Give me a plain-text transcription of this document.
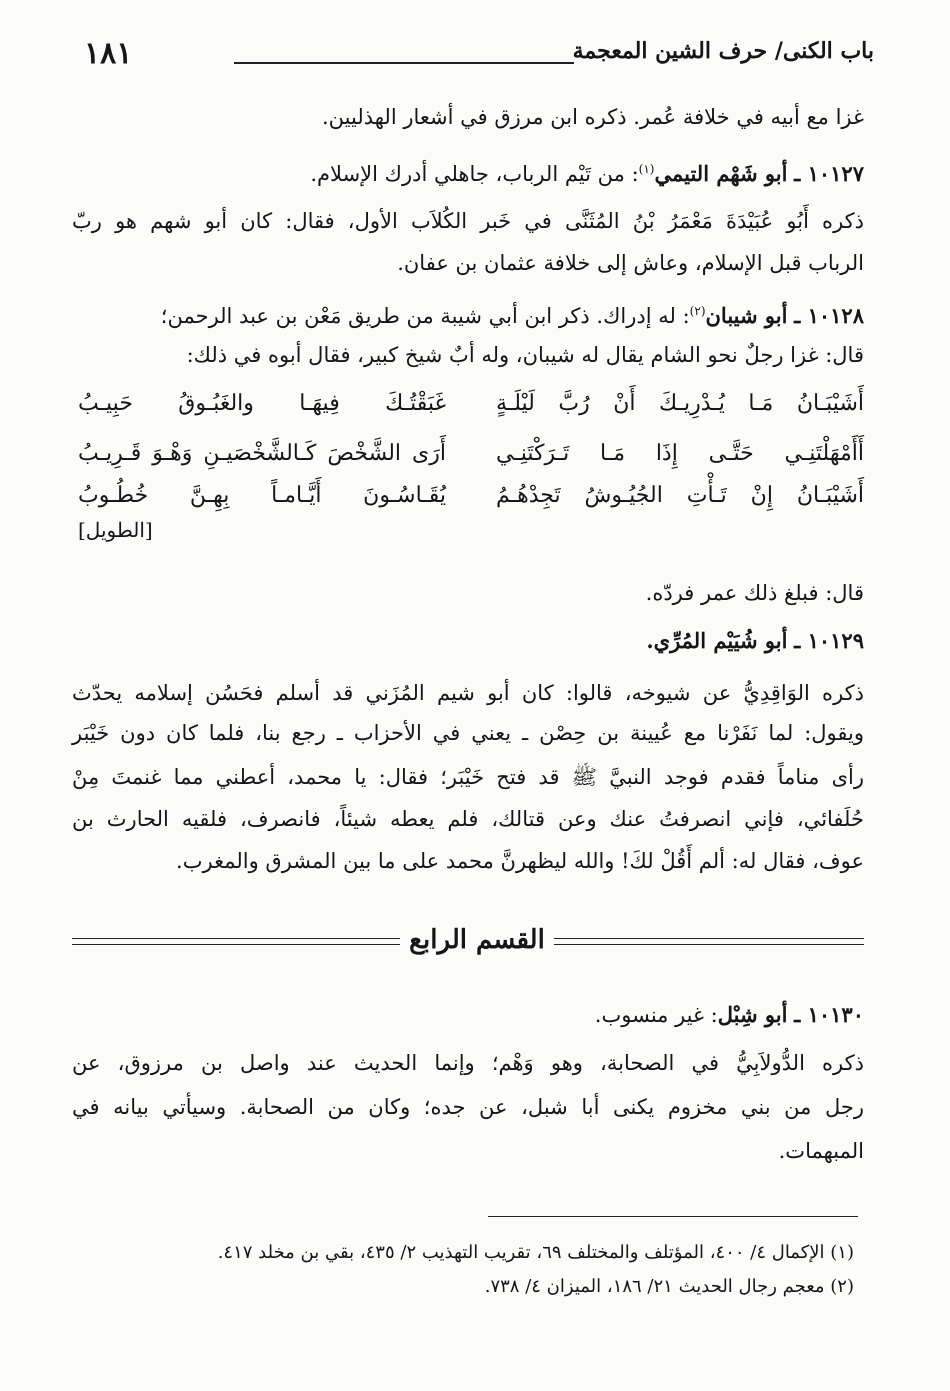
١٨١	باب الكنى/ حرف الشين المعجمة
غزا مع أبيه في خلافة عُمر. ذكره ابن مرزق في أشعار الهذليين.
١٠١٢٧ ـ أبو شَهْم التيمي$^{(١)}$: من تَيْم الرباب، جاهلي أدرك الإسلام.
ذكره أَبُو عُبَيْدَةَ مَعْمَرُ بْنُ المُثَنَّى في خَبر الكُلاَب الأول، فقال: كان أبو شهم هو ربّ
الرباب قبل الإسلام، وعاش إلى خلافة عثمان بن عفان.
١٠١٢٨ ـ أبو شيبان$^{(٢)}$: له إدراك. ذكر ابن أبي شيبة من طريق مَعْن بن عبد الرحمن؛
قال: غزا رجلٌ نحو الشام يقال له شيبان، وله أبٌ شيخ كبير، فقال أبوه في ذلك:
أَشَيْبَـانُ مَـا يُـدْرِيـكَ أَنْ رُبَّ لَيْلَـةٍ
غَبَقْتُـكَ فِيهَـا والغَبُـوقُ حَبِيـبُ
أَأَمْهَلْتَنِـي حَتَّـى إِذَا مَـا تَـرَكْتَنِـي
أَرَى الشَّخْصَ كَـالشَّخْصَيـنِ وَهْـوَ قَـرِيـبُ
أَشَيْبَـانُ إِنْ تَـأْتِ الجُيُـوشُ تَجِدْهُـمُ
يُقَـاسُـونَ أَيَّـامـاً بِهِـنَّ خُطُـوبُ
[الطويل]
قال: فبلغ ذلك عمر فردّه.
١٠١٢٩ ـ أبو شُيَيْم المُرِّي.
ذكره الوَاقِدِيُّ عن شيوخه، قالوا: كان أبو شيم المُزَني قد أسلم فحَسُن إسلامه يحدّث
ويقول: لما نَفَرْنا مع عُيينة بن حِصْن ـ يعني في الأحزاب ـ رجع بنا، فلما كان دون خَيْبَر
رأى مناماً فقدم فوجد النبيَّ ﷺ قد فتح خَيْبَر؛ فقال: يا محمد، أعطني مما غنمتَ مِنْ
حُلَفائي، فإني انصرفتُ عنك وعن قتالك، فلم يعطه شيئاً، فانصرف، فلقيه الحارث بن
عوف، فقال له: ألم أَقُلْ لكَ! والله ليظهرنَّ محمد على ما بين المشرق والمغرب.
القسم الرابع
١٠١٣٠ ـ أبو شِبْل: غير منسوب.
ذكره الدُّولاَبِيُّ في الصحابة، وهو وَهْم؛ وإنما الحديث عند واصل بن مرزوق، عن
رجل من بني مخزوم يكنى أبا شبل، عن جده؛ وكان من الصحابة. وسيأتي بيانه في
المبهمات.
(١) الإكمال ٤/ ٤٠٠، المؤتلف والمختلف ٦٩، تقريب التهذيب ٢/ ٤٣٥، بقي بن مخلد ٤١٧.
(٢) معجم رجال الحديث ٢١/ ١٨٦، الميزان ٤/ ٧٣٨.
